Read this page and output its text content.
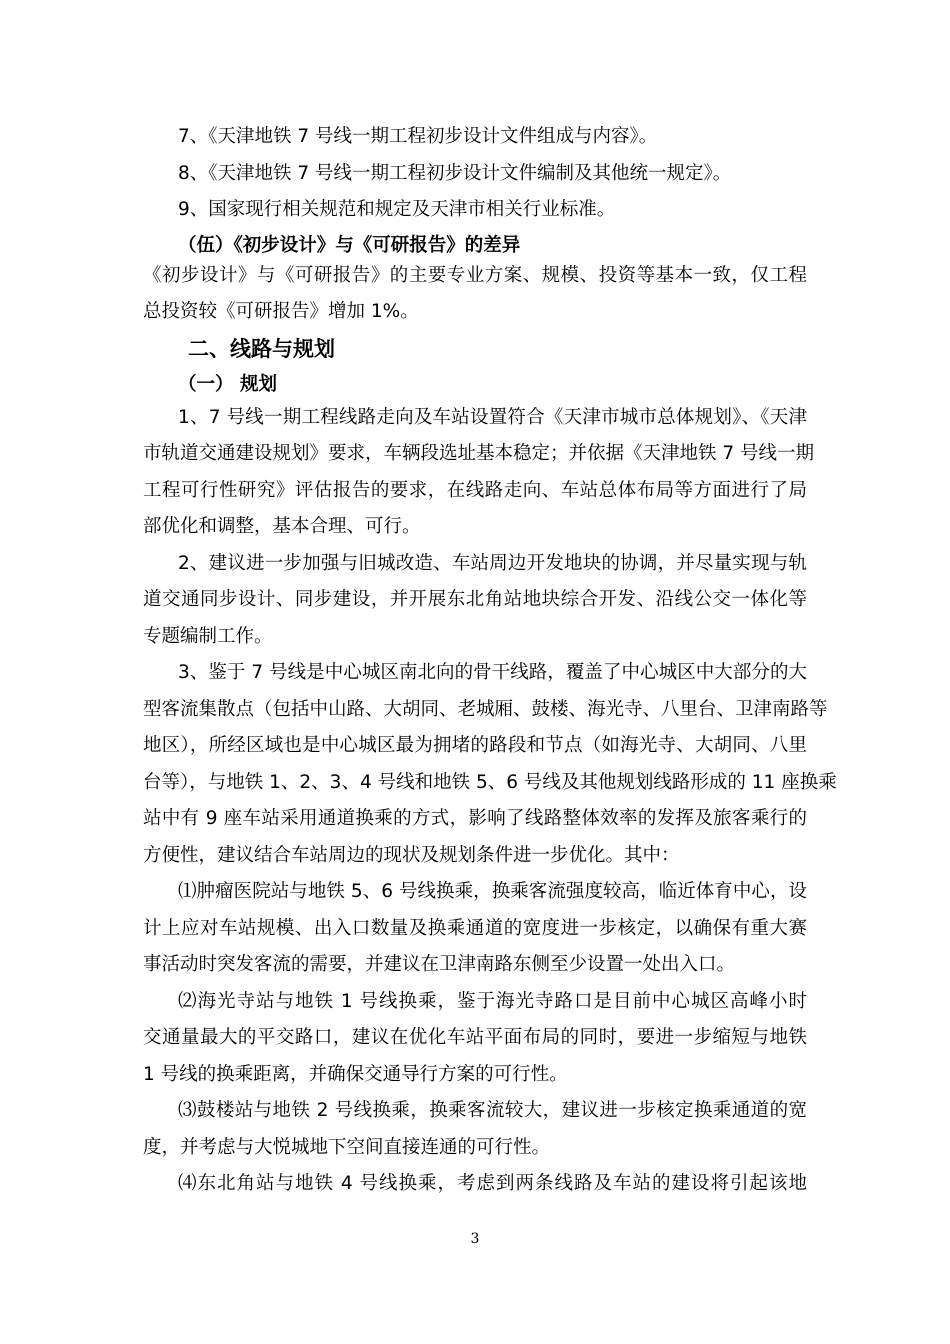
7、《天津地铁 7 号线一期工程初步设计文件组成与内容》。
8、《天津地铁 7 号线一期工程初步设计文件编制及其他统一规定》。
9、国家现行相关规范和规定及天津市相关行业标准。
（伍）《初步设计》与《可研报告》的差异
《初步设计》与《可研报告》的主要专业方案、规模、投资等基本一致，仅工程
总投资较《可研报告》增加 1%。
二、线路与规划
（一） 规划
1、7 号线一期工程线路走向及车站设置符合《天津市城市总体规划》、《天津
市轨道交通建设规划》要求，车辆段选址基本稳定；并依据《天津地铁 7 号线一期
工程可行性研究》评估报告的要求，在线路走向、车站总体布局等方面进行了局
部优化和调整，基本合理、可行。
2、建议进一步加强与旧城改造、车站周边开发地块的协调，并尽量实现与轨
道交通同步设计、同步建设，并开展东北角站地块综合开发、沿线公交一体化等
专题编制工作。
3、鉴于 7 号线是中心城区南北向的骨干线路，覆盖了中心城区中大部分的大
型客流集散点（包括中山路、大胡同、老城厢、鼓楼、海光寺、八里台、卫津南路等
地区），所经区域也是中心城区最为拥堵的路段和节点（如海光寺、大胡同、八里
台等），与地铁 1、2、3、4 号线和地铁 5、6 号线及其他规划线路形成的 11 座换乘
站中有 9 座车站采用通道换乘的方式，影响了线路整体效率的发挥及旅客乘行的
方便性，建议结合车站周边的现状及规划条件进一步优化。其中：
⑴肿瘤医院站与地铁 5、6 号线换乘，换乘客流强度较高，临近体育中心，设
计上应对车站规模、出入口数量及换乘通道的宽度进一步核定，以确保有重大赛
事活动时突发客流的需要，并建议在卫津南路东侧至少设置一处出入口。
⑵海光寺站与地铁 1 号线换乘，鉴于海光寺路口是目前中心城区高峰小时
交通量最大的平交路口，建议在优化车站平面布局的同时，要进一步缩短与地铁
1 号线的换乘距离，并确保交通导行方案的可行性。
⑶鼓楼站与地铁 2 号线换乘，换乘客流较大，建议进一步核定换乘通道的宽
度，并考虑与大悦城地下空间直接连通的可行性。
⑷东北角站与地铁 4 号线换乘，考虑到两条线路及车站的建设将引起该地
3
